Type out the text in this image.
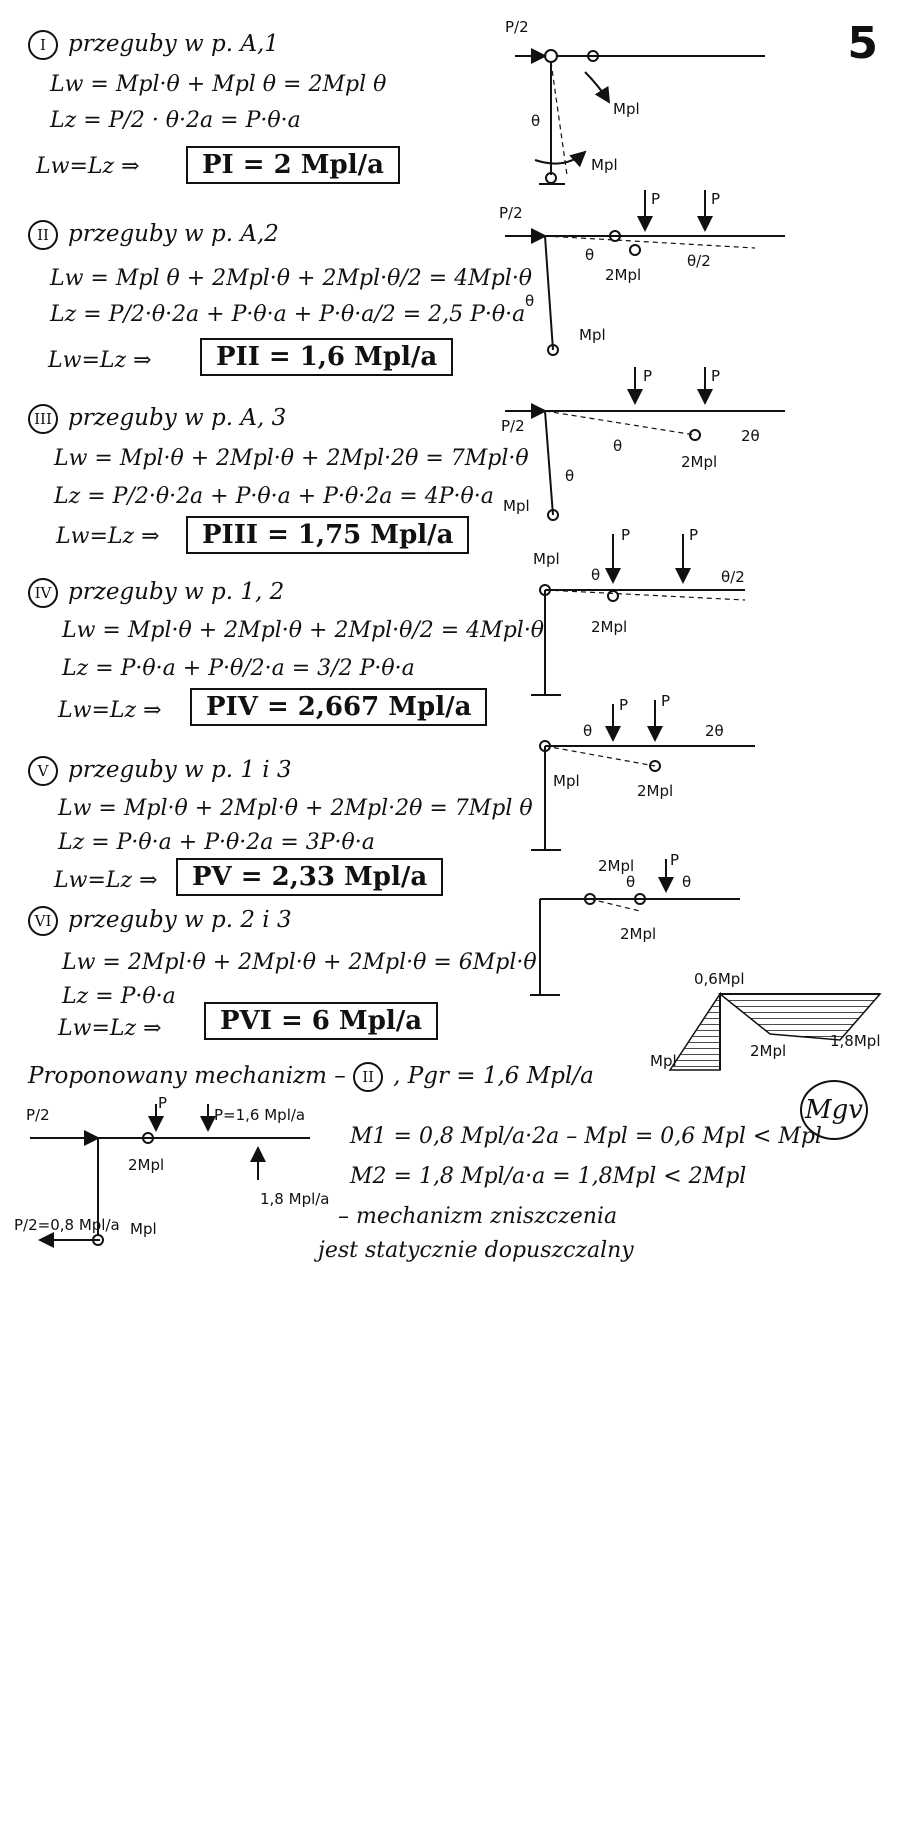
5
I przeguby w p. A,1
Lw = Mpl·θ + Mpl θ = 2Mpl θ
Lz = P/2 · θ·2a = P·θ·a
Lw=Lz ⇒	PI = 2 Mpl/a
II przeguby w p. A,2
Lw = Mpl θ + 2Mpl·θ + 2Mpl·θ/2 = 4Mpl·θ
Lz = P/2·θ·2a + P·θ·a + P·θ·a/2 = 2,5 P·θ·a
Lw=Lz ⇒	PII = 1,6 Mpl/a
III przeguby w p. A, 3
Lw = Mpl·θ + 2Mpl·θ + 2Mpl·2θ = 7Mpl·θ
Lz = P/2·θ·2a + P·θ·a + P·θ·2a = 4P·θ·a
Lw=Lz ⇒	PIII = 1,75 Mpl/a
IV przeguby w p. 1, 2
Lw = Mpl·θ + 2Mpl·θ + 2Mpl·θ/2 = 4Mpl·θ
Lz = P·θ·a + P·θ/2·a = 3/2 P·θ·a
Lw=Lz ⇒	PIV = 2,667 Mpl/a
V przeguby w p. 1 i 3
Lw = Mpl·θ + 2Mpl·θ + 2Mpl·2θ = 7Mpl θ
Lz = P·θ·a + P·θ·2a = 3P·θ·a
Lw=Lz ⇒	PV = 2,33 Mpl/a
VI przeguby w p. 2 i 3
Lw = 2Mpl·θ + 2Mpl·θ + 2Mpl·θ = 6Mpl·θ
Lz = P·θ·a
Lw=Lz ⇒	PVI = 6 Mpl/a
Proponowany mechanizm – II , Pgr = 1,6 Mpl/a
M1 = 0,8 Mpl/a·2a – Mpl = 0,6 Mpl < Mpl
M2 = 1,8 Mpl/a·a = 1,8Mpl < 2Mpl
– mechanizm zniszczenia
jest statycznie dopuszczalny
P/2
Mpl
θ
Mpl
P/2
P	P
2Mpl
θ	θ/2
θ
Mpl
P/2
P	P
θ
2θ
2Mpl
θ
Mpl
Mpl
P	P
θ
2Mpl
θ/2
P P
θ	2θ
Mpl
2Mpl
2Mpl P
θ	θ
2Mpl
0,6Mpl
Mpl
2Mpl
1,8Mpl
Mgv
P/2
P
P=1,6 Mpl/a
2Mpl
1,8 Mpl/a
P/2=0,8 Mpl/a Mpl
